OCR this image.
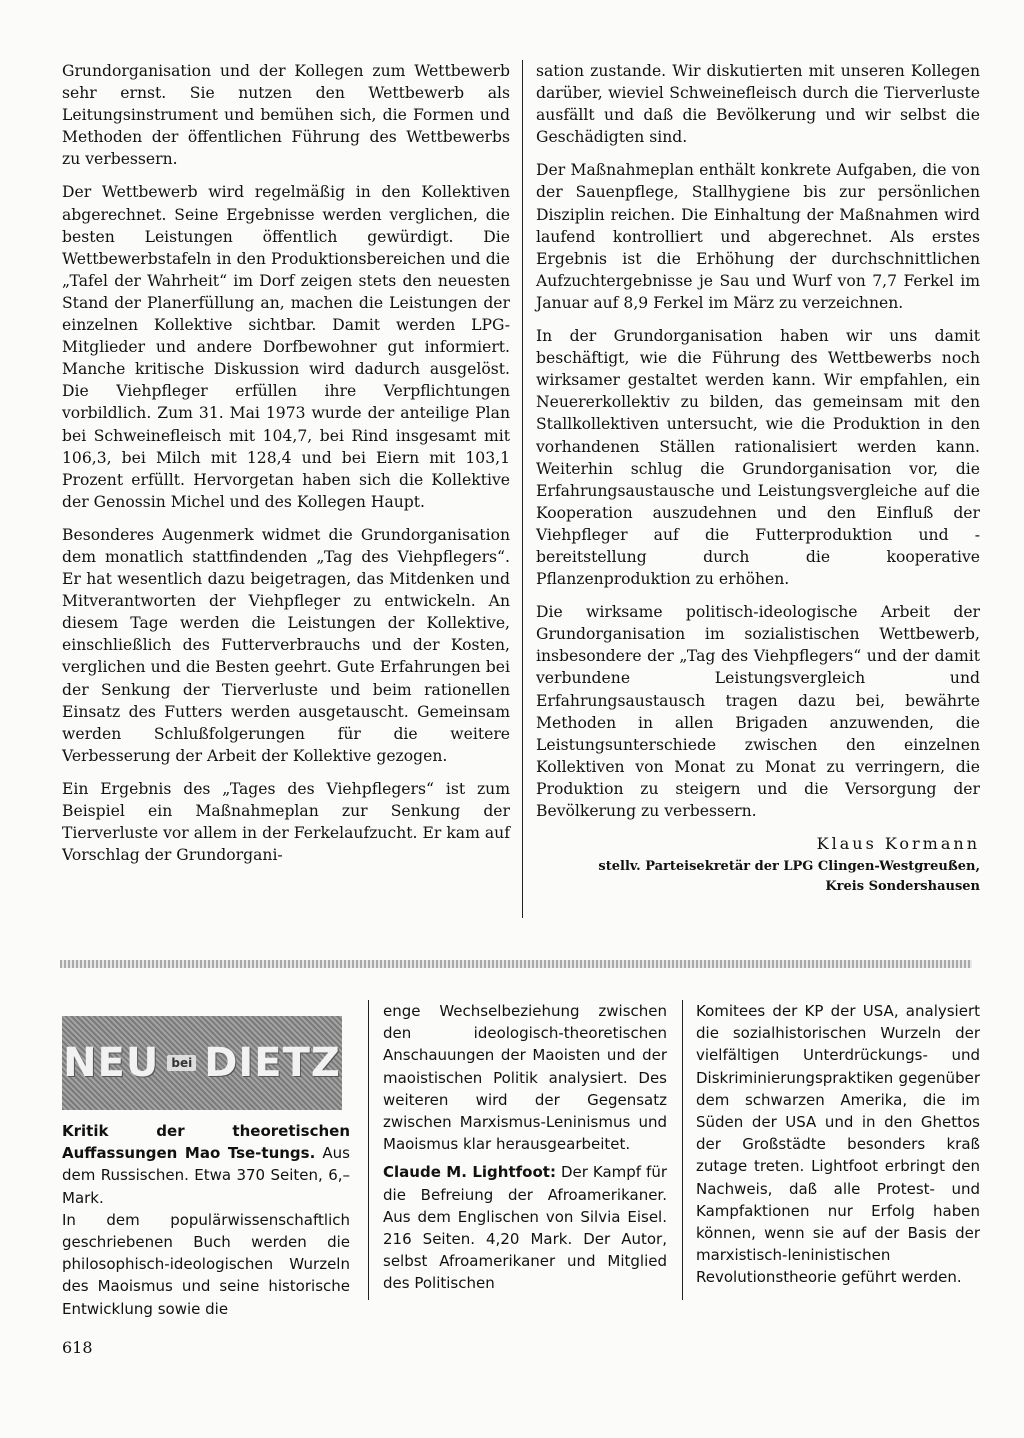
Grundorganisation und der Kollegen zum Wettbewerb sehr ernst. Sie nutzen den Wettbewerb als Leitungsinstrument und bemühen sich, die Formen und Methoden der öffentlichen Führung des Wettbewerbs zu verbessern.

Der Wettbewerb wird regelmäßig in den Kollektiven abgerechnet. Seine Ergebnisse werden verglichen, die besten Leistungen öffentlich gewürdigt. Die Wettbewerbstafeln in den Produktionsbereichen und die „Tafel der Wahrheit“ im Dorf zeigen stets den neuesten Stand der Planerfüllung an, machen die Leistungen der einzelnen Kollektive sichtbar. Damit werden LPG-Mitglieder und andere Dorfbewohner gut informiert. Manche kritische Diskussion wird dadurch ausgelöst. Die Viehpfleger erfüllen ihre Verpflichtungen vorbildlich. Zum 31. Mai 1973 wurde der anteilige Plan bei Schweinefleisch mit 104,7, bei Rind insgesamt mit 106,3, bei Milch mit 128,4 und bei Eiern mit 103,1 Prozent erfüllt. Hervorgetan haben sich die Kollektive der Genossin Michel und des Kollegen Haupt.

Besonderes Augenmerk widmet die Grundorganisation dem monatlich stattfindenden „Tag des Viehpflegers“. Er hat wesentlich dazu beigetragen, das Mitdenken und Mitverantworten der Viehpfleger zu entwickeln. An diesem Tage werden die Leistungen der Kollektive, einschließlich des Futterverbrauchs und der Kosten, verglichen und die Besten geehrt. Gute Erfahrungen bei der Senkung der Tierverluste und beim rationellen Einsatz des Futters werden ausgetauscht. Gemeinsam werden Schlußfolgerungen für die weitere Verbesserung der Arbeit der Kollektive gezogen.

Ein Ergebnis des „Tages des Viehpflegers“ ist zum Beispiel ein Maßnahmeplan zur Senkung der Tierverluste vor allem in der Ferkelaufzucht. Er kam auf Vorschlag der Grundorgani-

sation zustande. Wir diskutierten mit unseren Kollegen darüber, wieviel Schweinefleisch durch die Tierverluste ausfällt und daß die Bevölkerung und wir selbst die Geschädigten sind.

Der Maßnahmeplan enthält konkrete Aufgaben, die von der Sauenpflege, Stallhygiene bis zur persönlichen Disziplin reichen. Die Einhaltung der Maßnahmen wird laufend kontrolliert und abgerechnet. Als erstes Ergebnis ist die Erhöhung der durchschnittlichen Aufzuchtergebnisse je Sau und Wurf von 7,7 Ferkel im Januar auf 8,9 Ferkel im März zu verzeichnen.

In der Grundorganisation haben wir uns damit beschäftigt, wie die Führung des Wettbewerbs noch wirksamer gestaltet werden kann. Wir empfahlen, ein Neuererkollektiv zu bilden, das gemeinsam mit den Stallkollektiven untersucht, wie die Produktion in den vorhandenen Ställen rationalisiert werden kann. Weiterhin schlug die Grundorganisation vor, die Erfahrungsaustausche und Leistungsvergleiche auf die Kooperation auszudehnen und den Einfluß der Viehpfleger auf die Futterproduktion und -bereitstellung durch die kooperative Pflanzenproduktion zu erhöhen.

Die wirksame politisch-ideologische Arbeit der Grundorganisation im sozialistischen Wettbewerb, insbesondere der „Tag des Viehpflegers“ und der damit verbundene Leistungsvergleich und Erfahrungsaustausch tragen dazu bei, bewährte Methoden in allen Brigaden anzuwenden, die Leistungsunterschiede zwischen den einzelnen Kollektiven von Monat zu Monat zu verringern, die Produktion zu steigern und die Versorgung der Bevölkerung zu verbessern.

Klaus Kormann
stellv. Parteisekretär der LPG Clingen-Westgreußen,
Kreis Sondershausen
NEU	bei DIETZ

Kritik der theoretischen Auffassungen Mao Tse-tungs. Aus dem Russischen. Etwa 370 Seiten, 6,– Mark.

In dem populärwissenschaftlich geschriebenen Buch werden die philosophisch-ideologischen Wurzeln des Maoismus und seine historische Entwicklung sowie die

enge Wechselbeziehung zwischen den ideologisch-theoretischen Anschauungen der Maoisten und der maoistischen Politik analysiert. Des weiteren wird der Gegensatz zwischen Marxismus-Leninismus und Maoismus klar herausgearbeitet.

Claude M. Lightfoot: Der Kampf für die Befreiung der Afroamerikaner. Aus dem Englischen von Silvia Eisel. 216 Seiten. 4,20 Mark. Der Autor, selbst Afroamerikaner und Mitglied des Politischen

Komitees der KP der USA, analysiert die sozialhistorischen Wurzeln der vielfältigen Unterdrückungs- und Diskriminierungspraktiken gegenüber dem schwarzen Amerika, die im Süden der USA und in den Ghettos der Großstädte besonders kraß zutage treten. Lightfoot erbringt den Nachweis, daß alle Protest- und Kampfaktionen nur Erfolg haben können, wenn sie auf der Basis der marxistisch-leninistischen Revolutionstheorie geführt werden.

618
